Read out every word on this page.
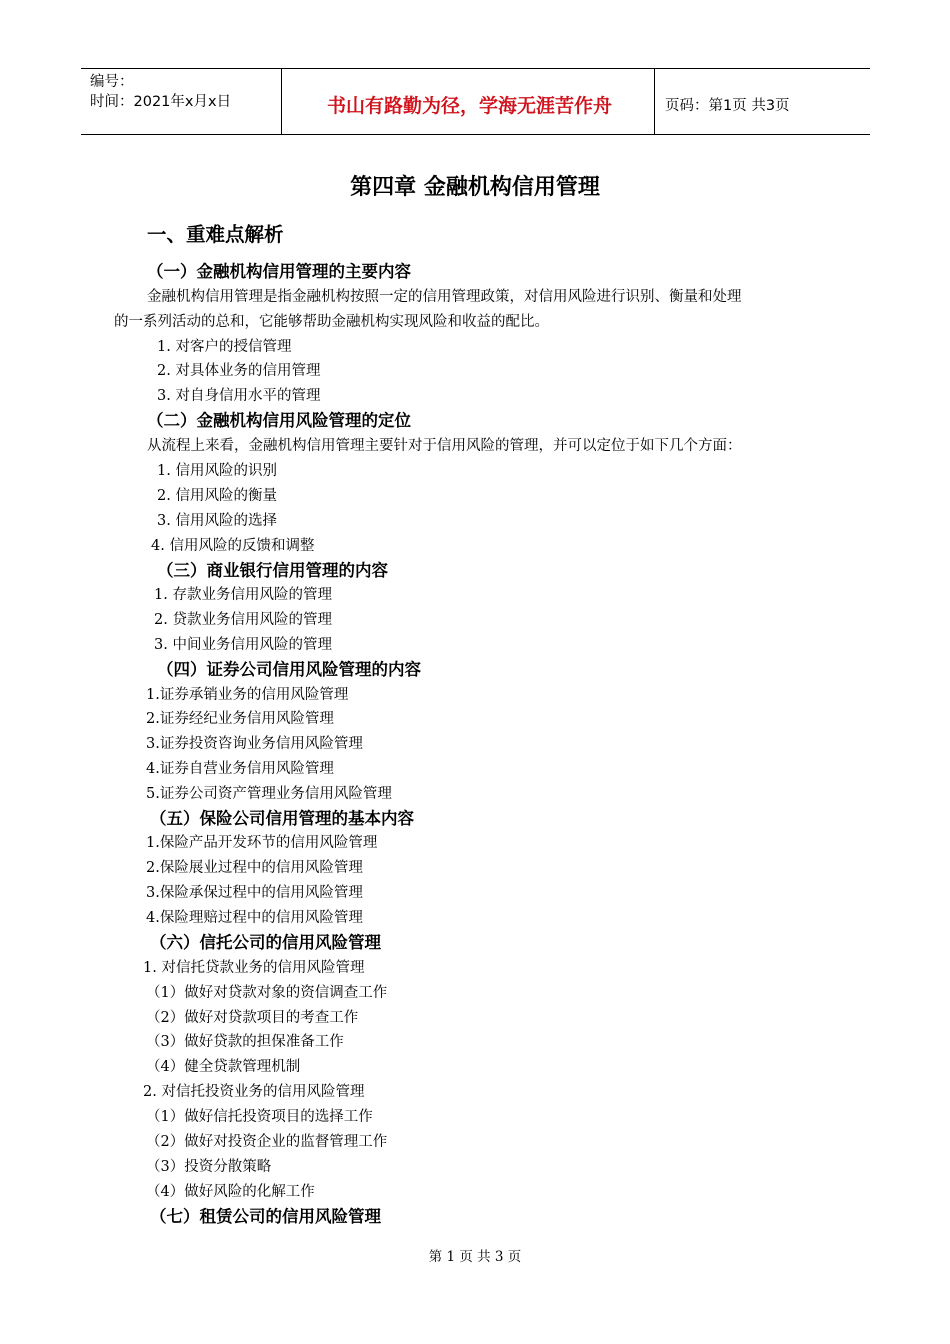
编号：
时间：2021年x月x日	书山有路勤为径，学海无涯苦作舟	页码：第1页 共3页
第四章 金融机构信用管理
一、重难点解析
（一）金融机构信用管理的主要内容
金融机构信用管理是指金融机构按照一定的信用管理政策，对信用风险进行识别、衡量和处理
的一系列活动的总和，它能够帮助金融机构实现风险和收益的配比。
1. 对客户的授信管理
2. 对具体业务的信用管理
3. 对自身信用水平的管理
（二）金融机构信用风险管理的定位
从流程上来看，金融机构信用管理主要针对于信用风险的管理，并可以定位于如下几个方面：
1. 信用风险的识别
2. 信用风险的衡量
3. 信用风险的选择
4. 信用风险的反馈和调整
（三）商业银行信用管理的内容
1. 存款业务信用风险的管理
2. 贷款业务信用风险的管理
3. 中间业务信用风险的管理
（四）证券公司信用风险管理的内容
1.证券承销业务的信用风险管理
2.证券经纪业务信用风险管理
3.证券投资咨询业务信用风险管理
4.证券自营业务信用风险管理
5.证券公司资产管理业务信用风险管理
（五）保险公司信用管理的基本内容
1.保险产品开发环节的信用风险管理
2.保险展业过程中的信用风险管理
3.保险承保过程中的信用风险管理
4.保险理赔过程中的信用风险管理
（六）信托公司的信用风险管理
1. 对信托贷款业务的信用风险管理
（1）做好对贷款对象的资信调查工作
（2）做好对贷款项目的考查工作
（3）做好贷款的担保准备工作
（4）健全贷款管理机制
2. 对信托投资业务的信用风险管理
（1）做好信托投资项目的选择工作
（2）做好对投资企业的监督管理工作
（3）投资分散策略
（4）做好风险的化解工作
（七）租赁公司的信用风险管理
第 1 页 共 3 页
